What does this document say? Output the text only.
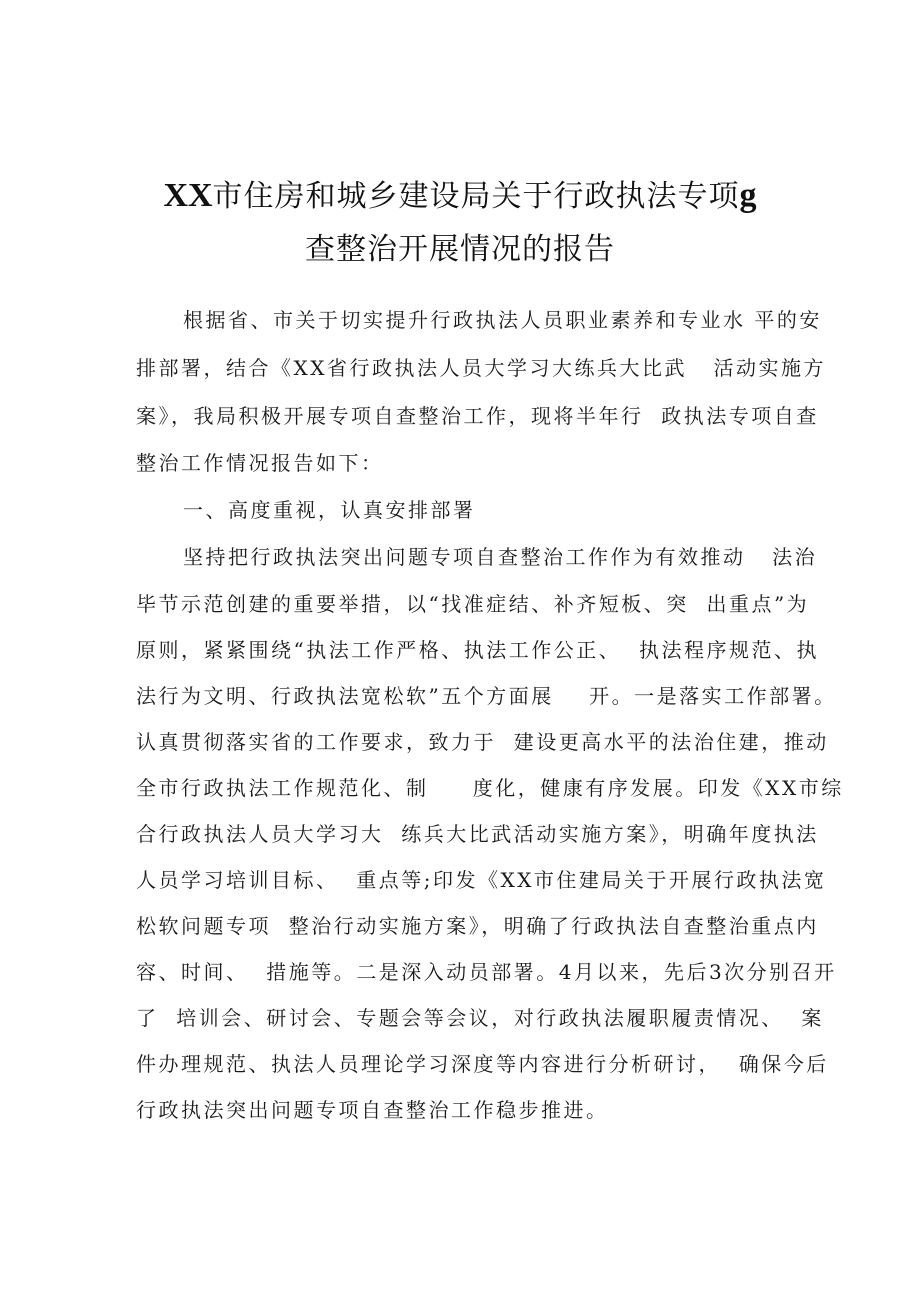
XX市住房和城乡建设局关于行政执法专项g
查整治开展情况的报告
根据省、市关于切实提升行政执法人员职业素养和专业水 平的安
排部署，结合《XX省行政执法人员大学习大练兵大比武   活动实施方
案》，我局积极开展专项自查整治工作，现将半年行  政执法专项自查
整治工作情况报告如下：
一、高度重视，认真安排部署
坚持把行政执法突出问题专项自查整治工作作为有效推动   法治
毕节示范创建的重要举措，以“找准症结、补齐短板、突  出重点”为
原则，紧紧围绕“执法工作严格、执法工作公正、  执法程序规范、执
法行为文明、行政执法宽松软”五个方面展    开。一是落实工作部署。
认真贯彻落实省的工作要求，致力于  建设更高水平的法治住建，推动
全市行政执法工作规范化、制     度化，健康有序发展。印发《XX市综
合行政执法人员大学习大  练兵大比武活动实施方案》，明确年度执法
人员学习培训目标、  重点等;印发《XX市住建局关于开展行政执法宽
松软问题专项  整治行动实施方案》，明确了行政执法自查整治重点内
容、时间、  措施等。二是深入动员部署。4月以来，先后3次分别召开
了  培训会、研讨会、专题会等会议，对行政执法履职履责情况、  案
件办理规范、执法人员理论学习深度等内容进行分析研讨，  确保今后
行政执法突出问题专项自查整治工作稳步推进。
